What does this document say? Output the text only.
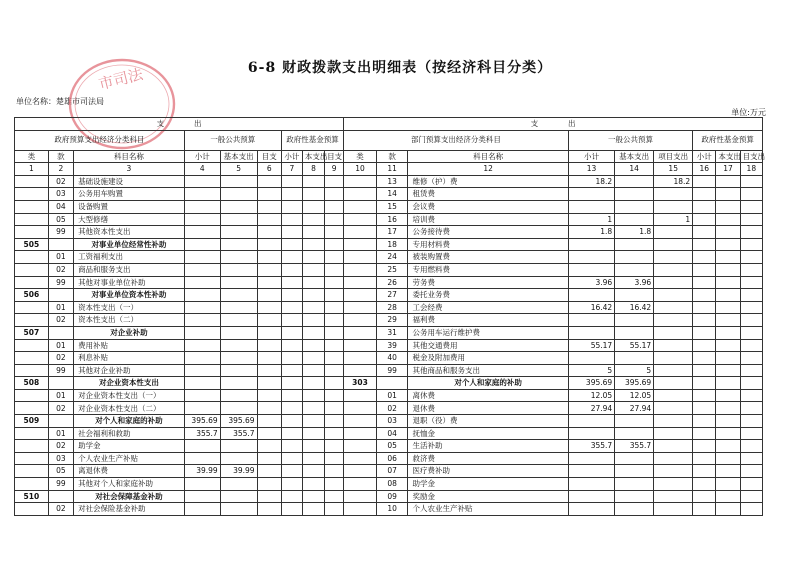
6-8 财政拨款支出明细表（按经济科目分类）
单位名称：楚雄市司法局
单位:万元
市司法
支　　　　出									支　　　　出								
政府预算支出经济分类科目			一般公共预算			政府性基金预算			部门预算支出经济分类科目			一般公共预算			政府性基金预算		
类	款	科目名称	小计	基本支出	目支	小计	本支出	目支	类	款	科目名称	小计	基本支出	项目支出	小计	本支出	目支出
1	2	3	4	5	6	7	8	9	10	11	12	13	14	15	16	17	18
	02	基础设施建设								13	维修（护）费	18.2		18.2			
	03	公务用车购置								14	租赁费						
	04	设备购置								15	会议费						
	05	大型修缮								16	培训费	1		1			
	99	其他资本性支出								17	公务接待费	1.8	1.8				
505		对事业单位经常性补助								18	专用材料费						
	01	工资福利支出								24	被装购置费						
	02	商品和服务支出								25	专用燃料费						
	99	其他对事业单位补助								26	劳务费	3.96	3.96				
506		对事业单位资本性补助								27	委托业务费						
	01	资本性支出（一）								28	工会经费	16.42	16.42				
	02	资本性支出（二）								29	福利费						
507		对企业补助								31	公务用车运行维护费						
	01	费用补贴								39	其他交通费用	55.17	55.17				
	02	利息补贴								40	税金及附加费用						
	99	其他对企业补助								99	其他商品和服务支出	5	5				
508		对企业资本性支出							303		对个人和家庭的补助	395.69	395.69				
	01	对企业资本性支出（一）								01	离休费	12.05	12.05				
	02	对企业资本性支出（二）								02	退休费	27.94	27.94				
509		对个人和家庭的补助	395.69	395.69						03	退职（役）费						
	01	社会福利和救助	355.7	355.7						04	抚恤金						
	02	助学金								05	生活补助	355.7	355.7				
	03	个人农业生产补贴								06	救济费						
	05	离退休费	39.99	39.99						07	医疗费补助						
	99	其他对个人和家庭补助								08	助学金						
510		对社会保障基金补助								09	奖励金						
	02	对社会保险基金补助								10	个人农业生产补贴						
